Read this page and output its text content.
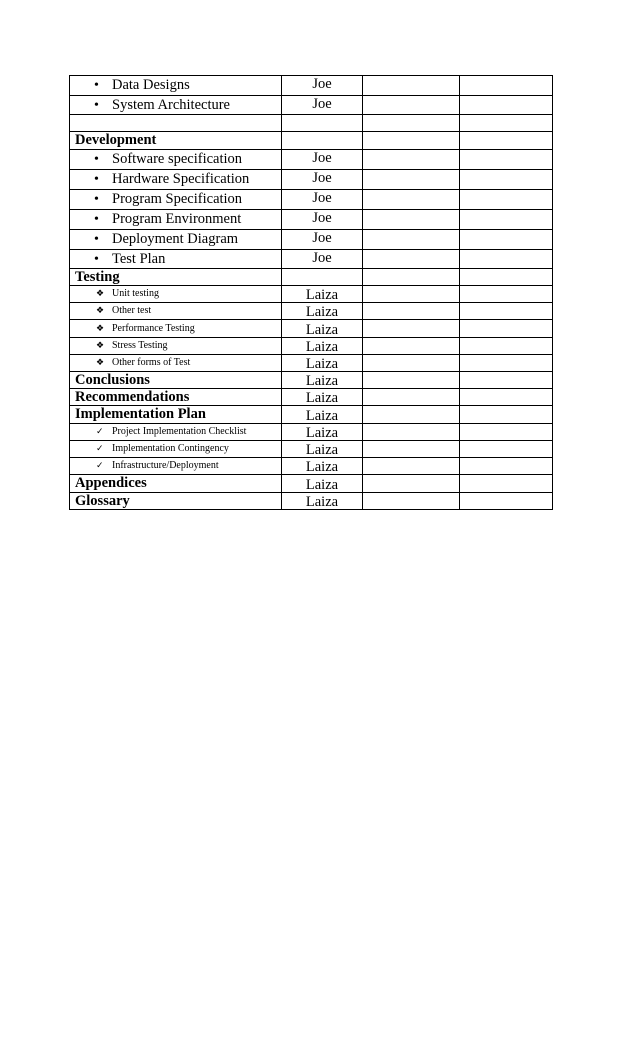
• Data Designs	Joe		
• System Architecture	Joe		

Development			
• Software specification	Joe		
• Hardware Specification	Joe		
• Program Specification	Joe		
• Program Environment	Joe		
• Deployment Diagram	Joe		
• Test Plan	Joe		
Testing			
❖ Unit testing	Laiza		
❖ Other test	Laiza		
❖ Performance Testing	Laiza		
❖ Stress Testing	Laiza		
❖ Other forms of Test	Laiza		
Conclusions	Laiza		
Recommendations	Laiza		
Implementation Plan	Laiza		
✓ Project Implementation Checklist	Laiza		
✓ Implementation Contingency	Laiza		
✓ Infrastructure/Deployment	Laiza		
Appendices	Laiza		
Glossary	Laiza		
